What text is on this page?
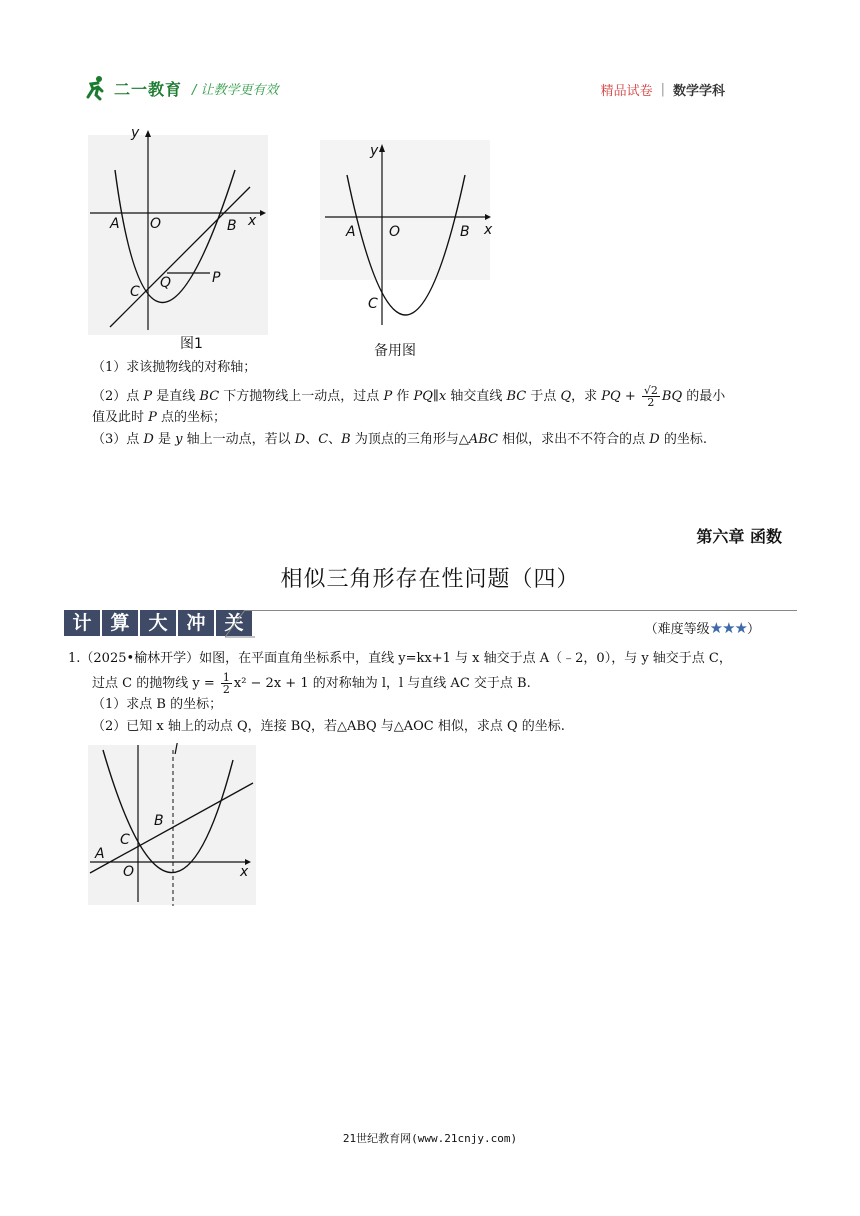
二一教育 / 让教学更有效	精品试卷 | 数学学科
y
x
A O	B
C
Q	P
图1
y
x
A O	B
C
备用图
（1）求该抛物线的对称轴；
（2）点 P 是直线 BC 下方抛物线上一动点，过点 P 作 PQ∥x 轴交直线 BC 于点 Q，求 PQ + $\frac{√2}{2}$ BQ 的最小
值及此时 P 点的坐标；
（3）点 D 是 y 轴上一动点，若以 D、C、B 为顶点的三角形与△ABC 相似，求出不不符合的点 D 的坐标.
第六章 函数
相似三角形存在性问题（四）
计 算 大 冲 关	（难度等级★★★）
1.（2025•榆林开学）如图，在平面直角坐标系中，直线 y=kx+1 与 x 轴交于点 A（﹣2，0），与 y 轴交于点 C，
过点 C 的抛物线 $y = \frac{1}{2} x^2 - 2x + 1$ 的对称轴为 l，l 与直线 AC 交于点 B.
（1）求点 B 的坐标；
（2）已知 x 轴上的动点 Q，连接 BQ，若△ABQ 与△AOC 相似，求点 Q 的坐标.
l
B
C
A
O	x
21世纪教育网(www.21cnjy.com)
